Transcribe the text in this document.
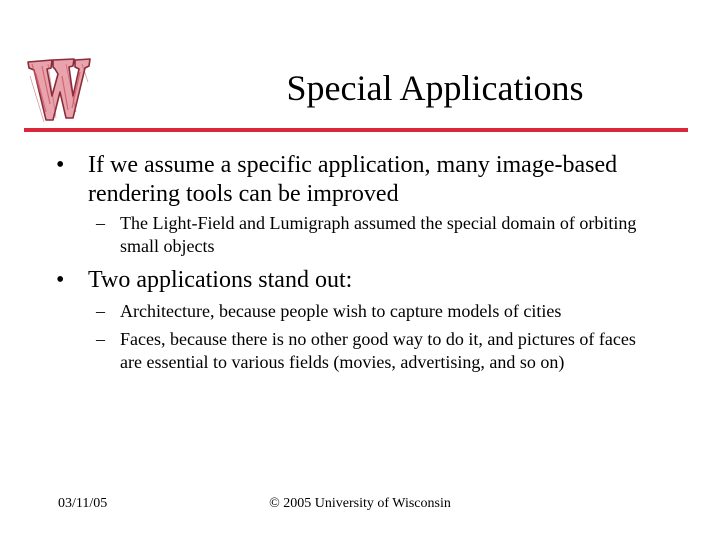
Special Applications
• If we assume a specific application, many image-based rendering tools can be improved
– The Light-Field and Lumigraph assumed the special domain of orbiting small objects
• Two applications stand out:
– Architecture, because people wish to capture models of cities
– Faces, because there is no other good way to do it, and pictures of faces are essential to various fields (movies, advertising, and so on)
03/11/05	© 2005 University of Wisconsin
